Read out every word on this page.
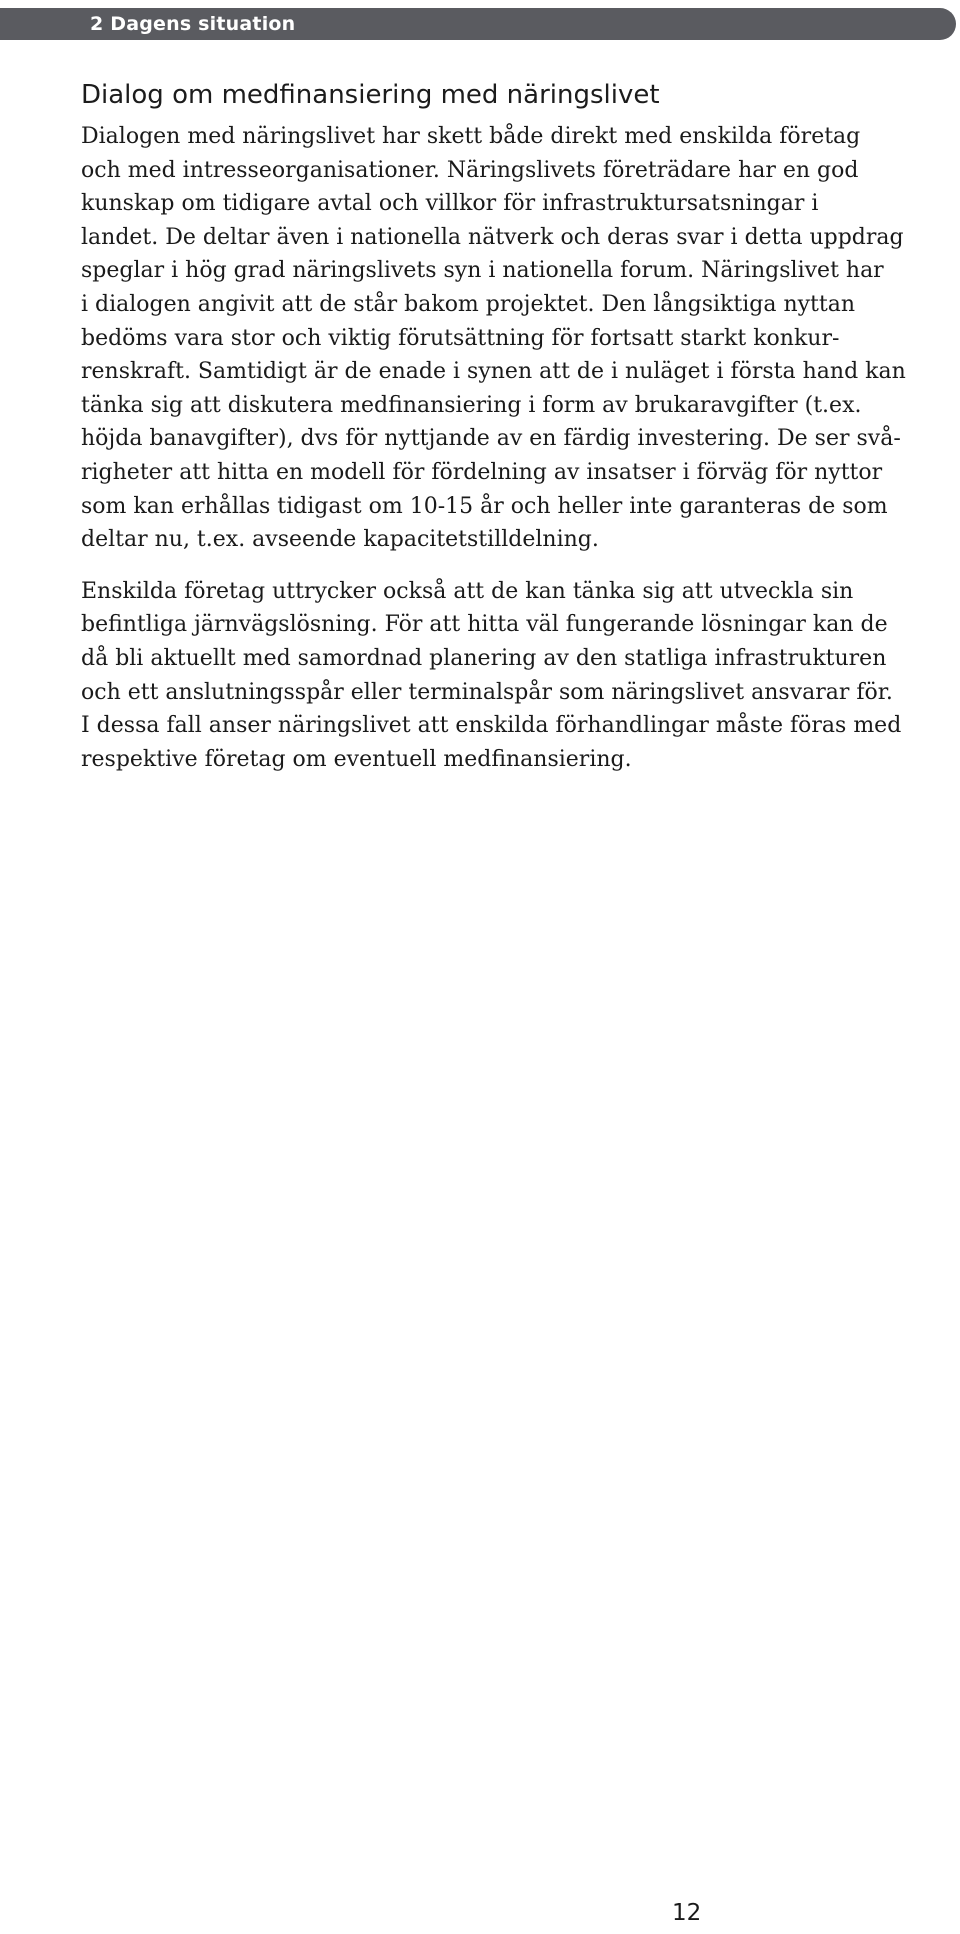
2 Dagens situation
Dialog om medfinansiering med näringslivet

Dialogen med näringslivet har skett både direkt med enskilda företag
och med intresseorganisationer. Näringslivets företrädare har en god
kunskap om tidigare avtal och villkor för infrastruktursatsningar i
landet. De deltar även i nationella nätverk och deras svar i detta uppdrag
speglar i hög grad näringslivets syn i nationella forum. Näringslivet har
i dialogen angivit att de står bakom projektet. Den långsiktiga nyttan
bedöms vara stor och viktig förutsättning för fortsatt starkt konkur-
renskraft. Samtidigt är de enade i synen att de i nuläget i första hand kan
tänka sig att diskutera medfinansiering i form av brukaravgifter (t.ex.
höjda banavgifter), dvs för nyttjande av en färdig investering. De ser svå-
righeter att hitta en modell för fördelning av insatser i förväg för nyttor
som kan erhållas tidigast om 10-15 år och heller inte garanteras de som
deltar nu, t.ex. avseende kapacitetstilldelning.

Enskilda företag uttrycker också att de kan tänka sig att utveckla sin
befintliga järnvägslösning. För att hitta väl fungerande lösningar kan de
då bli aktuellt med samordnad planering av den statliga infrastrukturen
och ett anslutningsspår eller terminalspår som näringslivet ansvarar för.
I dessa fall anser näringslivet att enskilda förhandlingar måste föras med
respektive företag om eventuell medfinansiering.

12
